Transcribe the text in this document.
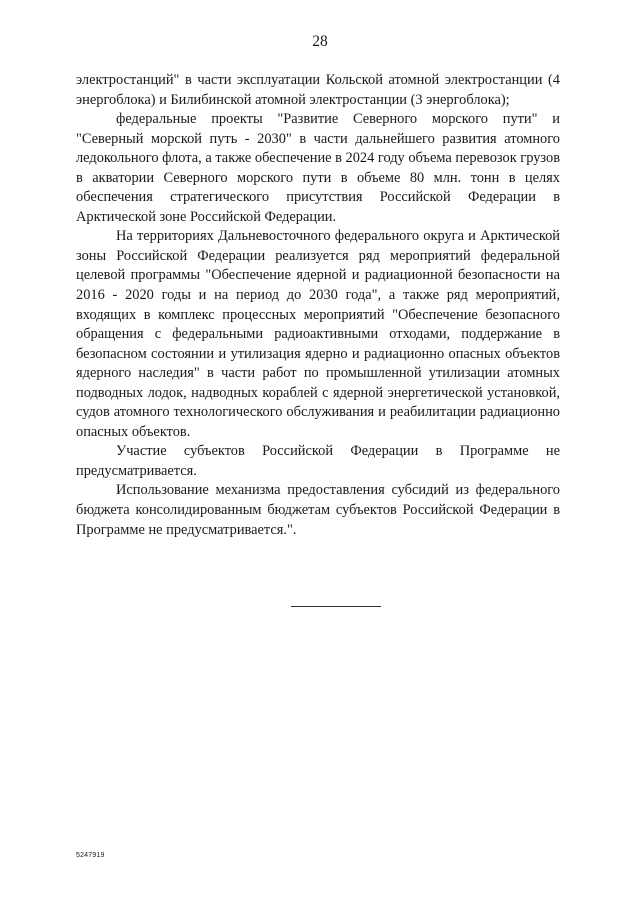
28

электростанций" в части эксплуатации Кольской атомной электростанции (4 энергоблока) и Билибинской атомной электростанции (3 энергоблока);

федеральные проекты "Развитие Северного морского пути" и "Северный морской путь - 2030" в части дальнейшего развития атомного ледокольного флота, а также обеспечение в 2024 году объема перевозок грузов в акватории Северного морского пути в объеме 80 млн. тонн в целях обеспечения стратегического присутствия Российской Федерации в Арктической зоне Российской Федерации.

На территориях Дальневосточного федерального округа и Арктической зоны Российской Федерации реализуется ряд мероприятий федеральной целевой программы "Обеспечение ядерной и радиационной безопасности на 2016 - 2020 годы и на период до 2030 года", а также ряд мероприятий, входящих в комплекс процессных мероприятий "Обеспечение безопасного обращения с федеральными радиоактивными отходами, поддержание в безопасном состоянии и утилизация ядерно и радиационно опасных объектов ядерного наследия" в части работ по промышленной утилизации атомных подводных лодок, надводных кораблей с ядерной энергетической установкой, судов атомного технологического обслуживания и реабилитации радиационно опасных объектов.

Участие субъектов Российской Федерации в Программе не предусматривается.

Использование механизма предоставления субсидий из федерального бюджета консолидированным бюджетам субъектов Российской Федерации в Программе не предусматривается.".

5247919
